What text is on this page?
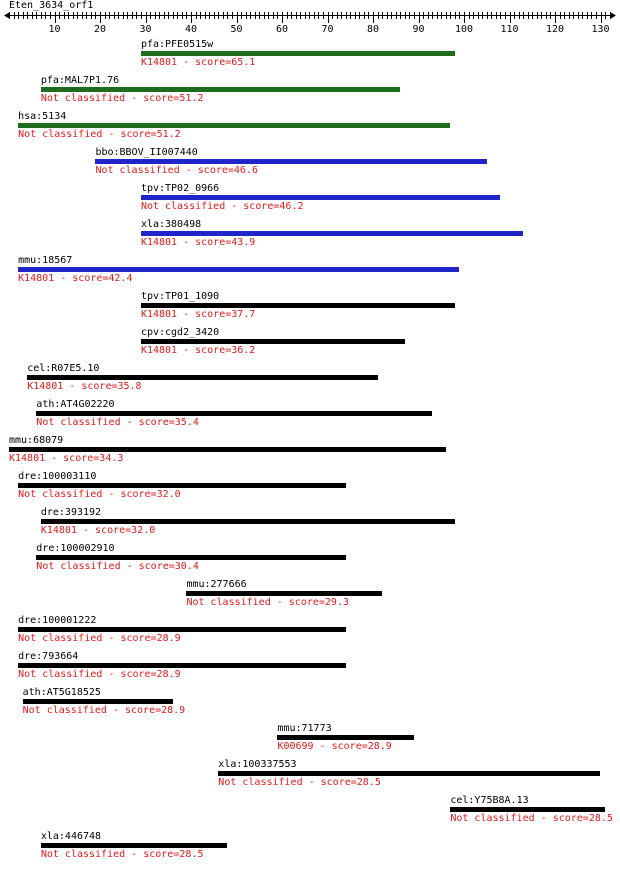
Eten_3634_orf1
10	20	30	40	50	60	70	80	90	100	110	120	130
pfa:PFE0515w
K14801 - score=65.1
pfa:MAL7P1.76
Not classified - score=51.2
hsa:5134
Not classified - score=51.2
bbo:BBOV_II007440
Not classified - score=46.6
tpv:TP02_0966
Not classified - score=46.2
xla:380498
K14801 - score=43.9
mmu:18567
K14801 - score=42.4
tpv:TP01_1090
K14801 - score=37.7
cpv:cgd2_3420
K14801 - score=36.2
cel:R07E5.10
K14801 - score=35.8
ath:AT4G02220
Not classified - score=35.4
mmu:68079
K14801 - score=34.3
dre:100003110
Not classified - score=32.0
dre:393192
K14801 - score=32.0
dre:100002910
Not classified - score=30.4
mmu:277666
Not classified - score=29.3
dre:100001222
Not classified - score=28.9
dre:793664
Not classified - score=28.9
ath:AT5G18525
Not classified - score=28.9
mmu:71773
K00699 - score=28.9
xla:100337553
Not classified - score=28.5
cel:Y75B8A.13
Not classified - score=28.5
xla:446748
Not classified - score=28.5
